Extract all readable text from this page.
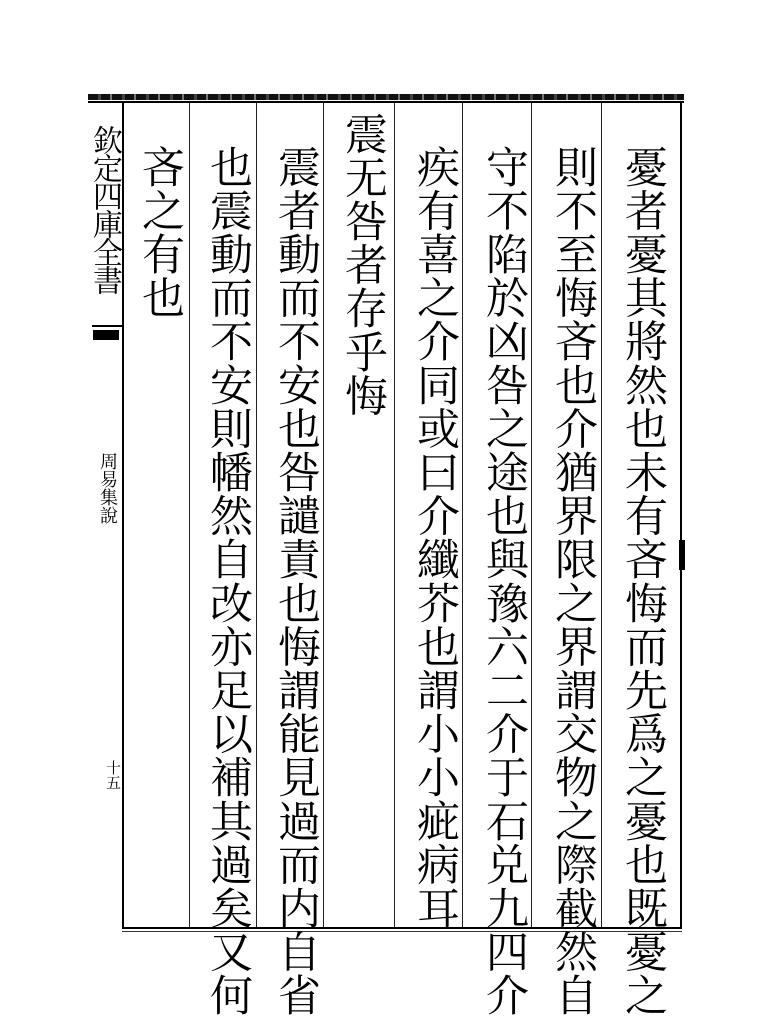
欽定四庫全書
周易集說
十五	憂者憂其將然也未有吝悔而先爲之憂也既憂之
則不至悔吝也介猶界限之界謂交物之際截然自
守不陷於凶咎之途也與豫六二介于石兑九四介
疾有喜之介同或曰介纖芥也謂小小疵病耳
震无咎者存乎悔
震者動而不安也咎譴責也悔謂能見過而内自省
也震動而不安則幡然自改亦足以補其過矣又何
吝之有也
